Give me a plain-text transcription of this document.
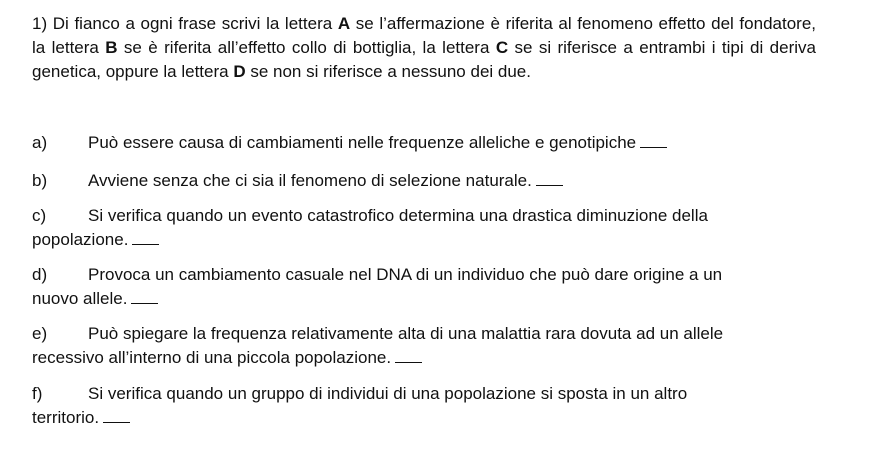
1) Di fianco a ogni frase scrivi la lettera A se l’affermazione è riferita al fenomeno effetto del fondatore, la lettera B se è riferita all’effetto collo di bottiglia, la lettera C se si riferisce a entrambi i tipi di deriva genetica, oppure la lettera D se non si riferisce a nessuno dei due.
a) Può essere causa di cambiamenti nelle frequenze alleliche e genotipiche
b) Avviene senza che ci sia il fenomeno di selezione naturale.
c) Si verifica quando un evento catastrofico determina una drastica diminuzione della
popolazione.
d) Provoca un cambiamento casuale nel DNA di un individuo che può dare origine a un
nuovo allele.
e) Può spiegare la frequenza relativamente alta di una malattia rara dovuta ad un allele
recessivo all’interno di una piccola popolazione.
f)	Si verifica quando un gruppo di individui di una popolazione si sposta in un altro
territorio.
